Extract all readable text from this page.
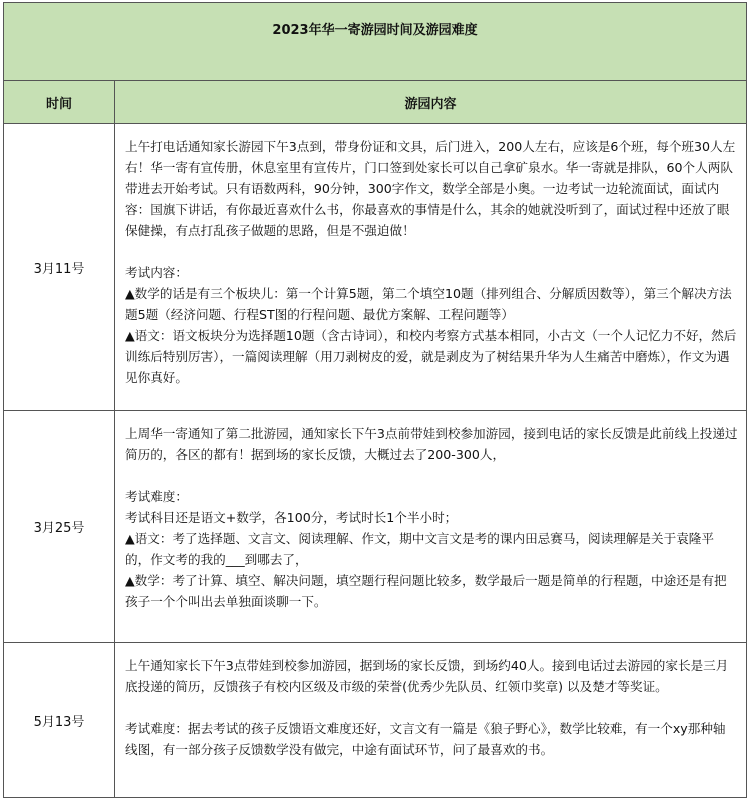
2023年华一寄游园时间及游园难度	
时间	游园内容
3月11号	上午打电话通知家长游园下午3点到，带身份证和文具，后门进入，200人左右，应该是6个班，每个班30人左右！华一寄有宣传册，休息室里有宣传片，门口签到处家长可以自己拿矿泉水。华一寄就是排队，60个人两队带进去开始考试。只有语数两科，90分钟，300字作文，数学全部是小奥。一边考试一边轮流面试，面试内容：国旗下讲话，有你最近喜欢什么书，你最喜欢的事情是什么，其余的她就没听到了，面试过程中还放了眼保健操，有点打乱孩子做题的思路，但是不强迫做！

考试内容：

▲数学的话是有三个板块儿：第一个计算5题，第二个填空10题（排列组合、分解质因数等），第三个解决方法题5题（经济问题、行程ST图的行程问题、最优方案解、工程问题等）

▲语文：语文板块分为选择题10题（含古诗词），和校内考察方式基本相同，小古文（一个人记忆力不好，然后训练后特别厉害），一篇阅读理解（用刀剥树皮的爱，就是剥皮为了树结果升华为人生痛苦中磨炼），作文为遇见你真好。

3月25号	上周华一寄通知了第二批游园，通知家长下午3点前带娃到校参加游园，接到电话的家长反馈是此前线上投递过简历的，各区的都有！据到场的家长反馈，大概过去了200-300人，

考试难度：

考试科目还是语文+数学，各100分，考试时长1个半小时；

▲语文：考了选择题、文言文、阅读理解、作文，期中文言文是考的课内田忌赛马，阅读理解是关于袁隆平的，作文考的我的___到哪去了，

▲数学：考了计算、填空、解决问题，填空题行程问题比较多，数学最后一题是简单的行程题，中途还是有把孩子一个个叫出去单独面谈聊一下。

5月13号	上午通知家长下午3点带娃到校参加游园，据到场的家长反馈，到场约40人。接到电话过去游园的家长是三月底投递的简历，反馈孩子有校内区级及市级的荣誉(优秀少先队员、红领巾奖章) 以及楚才等奖证。

考试难度：据去考试的孩子反馈语文难度还好，文言文有一篇是《狼子野心》，数学比较难，有一个xy那种轴线图，有一部分孩子反馈数学没有做完，中途有面试环节，问了最喜欢的书。
